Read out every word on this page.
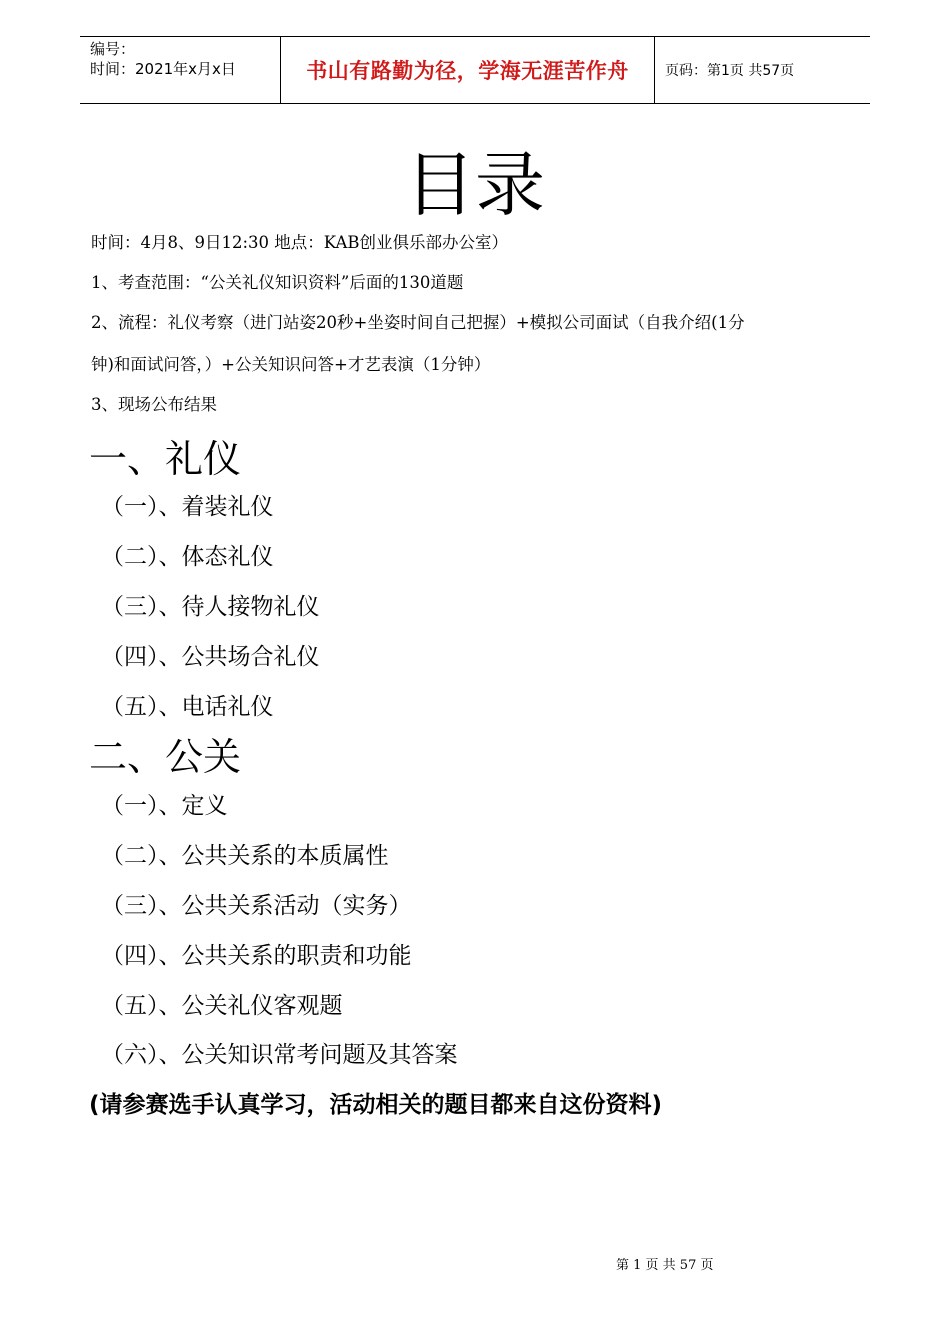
编号：
时间：2021年x月x日	书山有路勤为径，学海无涯苦作舟	页码：第1页 共57页
目录
时间：4月8、9日12:30 地点：KAB创业俱乐部办公室）
1、考查范围：“公关礼仪知识资料”后面的130道题
2、流程：礼仪考察（进门站姿20秒+坐姿时间自己把握）+模拟公司面试（自我介绍(1分
钟)和面试问答，）+公关知识问答+才艺表演（1分钟）
3、现场公布结果
一、礼仪
（一）、着装礼仪
（二）、体态礼仪
（三）、待人接物礼仪
（四）、公共场合礼仪
（五）、电话礼仪
二、公关
（一）、定义
（二）、公共关系的本质属性
（三）、公共关系活动（实务）
（四）、公共关系的职责和功能
（五）、公关礼仪客观题
（六）、公关知识常考问题及其答案
(请参赛选手认真学习，活动相关的题目都来自这份资料)
第 1 页 共 57 页
